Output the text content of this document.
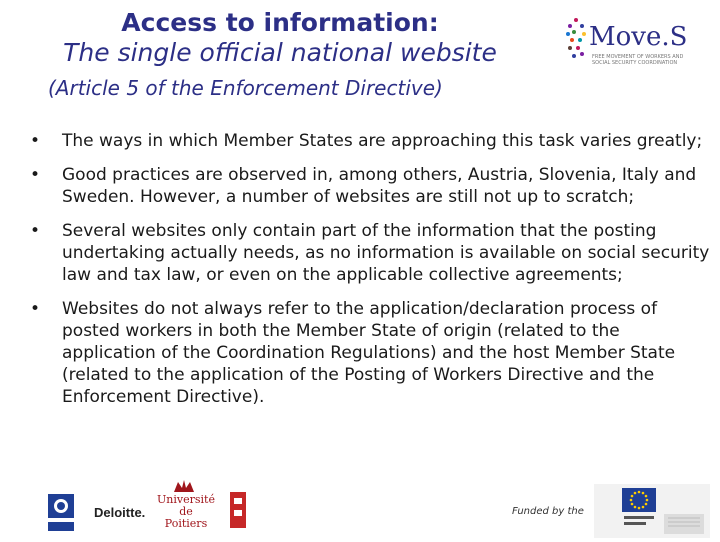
Access to information:
The single official national website
(Article 5 of the Enforcement Directive)
Move.S
FREE MOVEMENT OF WORKERS AND SOCIAL SECURITY COORDINATION
• The ways in which Member States are approaching this task varies greatly;
• Good practices are observed in, among others, Austria, Slovenia, Italy and Sweden. However, a number of websites are still not up to scratch;
• Several websites only contain part of the information that the posting undertaking actually needs, as no information is available on social security law and tax law, or even on the applicable collective agreements;
• Websites do not always refer to the application/declaration process of posted workers in both the Member State of origin (related to the application of the Coordination Regulations) and the host Member State (related to the application of the Posting of Workers Directive and the Enforcement Directive).
Deloitte.
Université de Poitiers
Funded by the
